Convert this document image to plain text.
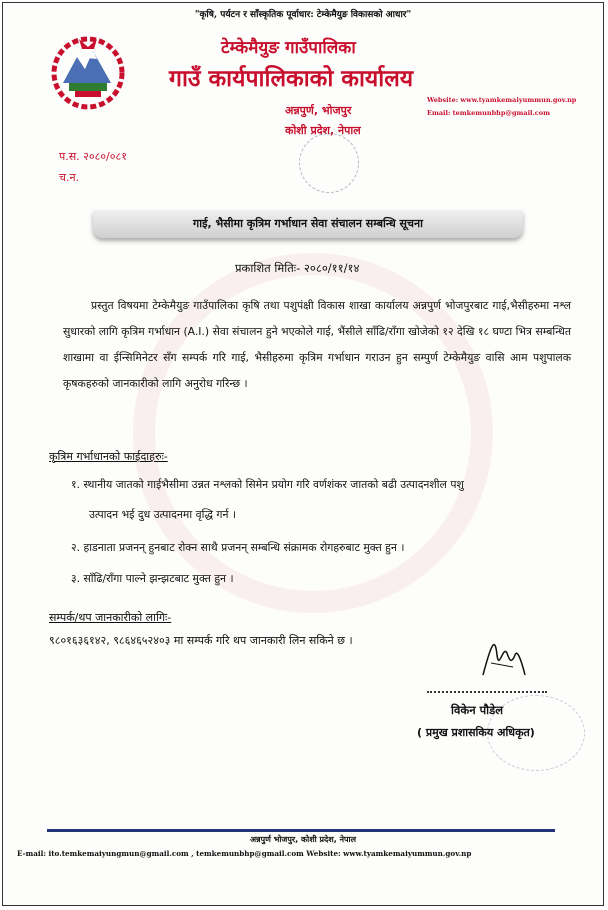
"कृषि, पर्यटन र साँस्कृतिक पूर्वाधार: टेम्केमैयुङ विकासको आधार"
टेम्केमैयुङ गाउँपालिका
गाउँ कार्यपालिकाको कार्यालय
Website: www.tyamkemaiyummun.gov.np
Email: temkemunbhp@gmail.com
अन्नपुर्ण, भोजपुर
कोशी प्रदेश, नेपाल
प.स. २०८०/०८१
च.न.
गाई, भैसीमा कृत्रिम गर्भाधान सेवा संचालन सम्बन्धि सूचना
प्रकाशित मितिः- २०८०/११/१४
प्रस्तुत विषयमा टेम्केमैयुङ गाउँपालिका कृषि तथा पशुपंक्षी विकास शाखा कार्यालय अन्नपुर्ण भोजपुरबाट गाई,भैसीहरुमा नश्ल सुधारको लागि कृत्रिम गर्भाधान (A.I.) सेवा संचालन हुने भएकोले गाई, भैंसीले साँढि/राँगा खोजेको १२ देखि १८ घण्टा भित्र सम्बन्धित शाखामा वा ईन्सिमिनेटर सँग सम्पर्क गरि गाई, भैसीहरुमा कृत्रिम गर्भाधान गराउन हुन सम्पुर्ण टेम्केमैयुङ वासि आम पशुपालक कृषकहरुको जानकारीको लागि अनुरोध गरिन्छ ।
कृत्रिम गर्भाधानको फाईदाहरुः-
१. स्थानीय जातको गाईभैसीमा उन्नत नश्लको सिमेन प्रयोग गरि वर्णशंकर जातको बढी उत्पादनशील पशु
उत्पादन भई दुध उत्पादनमा वृद्धि गर्न ।
२. हाडनाता प्रजनन् हुनबाट रोक्न साथै प्रजनन् सम्बन्धि संक्रामक रोगहरुबाट मुक्त हुन ।
३. साँढि/राँगा पाल्ने झन्झटबाट मुक्त हुन ।
सम्पर्क/थप जानकारीको लागिः-
९८०१६३६१४२, ९८६४६५२४०३ मा सम्पर्क गरि थप जानकारी लिन सकिने छ ।
विकेन पौडेल
( प्रमुख प्रशासकिय अधिकृत)
अन्नपुर्ण भोजपुर, कोशी प्रदेश, नेपाल
E-mail: ito.temkemaiyungmun@gmail.com , temkemunbhp@gmail.com Website: www.tyamkemaiyummun.gov.np
